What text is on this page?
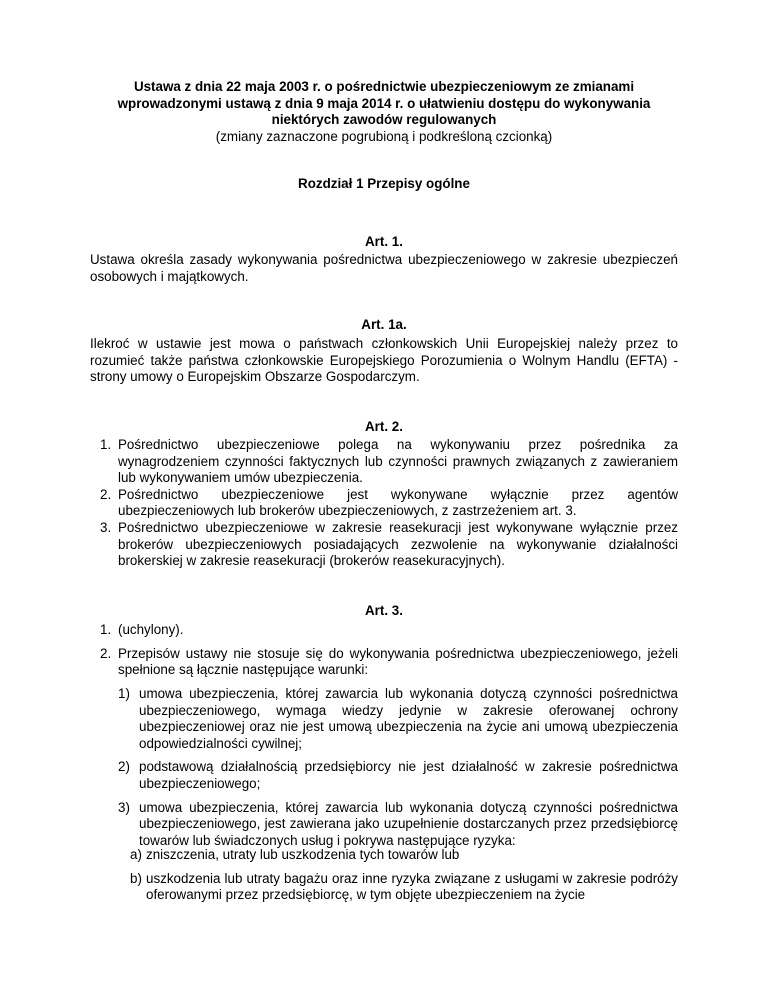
Ustawa z dnia 22 maja 2003 r. o pośrednictwie ubezpieczeniowym ze zmianami
wprowadzonymi ustawą z dnia 9 maja 2014 r. o ułatwieniu dostępu do wykonywania
niektórych zawodów regulowanych
(zmiany zaznaczone pogrubioną i podkreśloną czcionką)
Rozdział 1 Przepisy ogólne
Art. 1.
Ustawa określa zasady wykonywania pośrednictwa ubezpieczeniowego w zakresie ubezpieczeń osobowych i majątkowych.
Art. 1a.
Ilekroć w ustawie jest mowa o państwach członkowskich Unii Europejskiej należy przez to rozumieć także państwa członkowskie Europejskiego Porozumienia o Wolnym Handlu (EFTA) - strony umowy o Europejskim Obszarze Gospodarczym.
Art. 2.
1. Pośrednictwo ubezpieczeniowe polega na wykonywaniu przez pośrednika za wynagrodzeniem czynności faktycznych lub czynności prawnych związanych z zawieraniem lub wykonywaniem umów ubezpieczenia.
2. Pośrednictwo ubezpieczeniowe jest wykonywane wyłącznie przez agentów ubezpieczeniowych lub brokerów ubezpieczeniowych, z zastrzeżeniem art. 3.
3. Pośrednictwo ubezpieczeniowe w zakresie reasekuracji jest wykonywane wyłącznie przez brokerów ubezpieczeniowych posiadających zezwolenie na wykonywanie działalności brokerskiej w zakresie reasekuracji (brokerów reasekuracyjnych).
Art. 3.
1. (uchylony).
2. Przepisów ustawy nie stosuje się do wykonywania pośrednictwa ubezpieczeniowego, jeżeli spełnione są łącznie następujące warunki:
1) umowa ubezpieczenia, której zawarcia lub wykonania dotyczą czynności pośrednictwa ubezpieczeniowego, wymaga wiedzy jedynie w zakresie oferowanej ochrony ubezpieczeniowej oraz nie jest umową ubezpieczenia na życie ani umową ubezpieczenia odpowiedzialności cywilnej;
2) podstawową działalnością przedsiębiorcy nie jest działalność w zakresie pośrednictwa ubezpieczeniowego;
3) umowa ubezpieczenia, której zawarcia lub wykonania dotyczą czynności pośrednictwa ubezpieczeniowego, jest zawierana jako uzupełnienie dostarczanych przez przedsiębiorcę towarów lub świadczonych usług i pokrywa następujące ryzyka:
a) zniszczenia, utraty lub uszkodzenia tych towarów lub
b) uszkodzenia lub utraty bagażu oraz inne ryzyka związane z usługami w zakresie podróży oferowanymi przez przedsiębiorcę, w tym objęte ubezpieczeniem na życie
